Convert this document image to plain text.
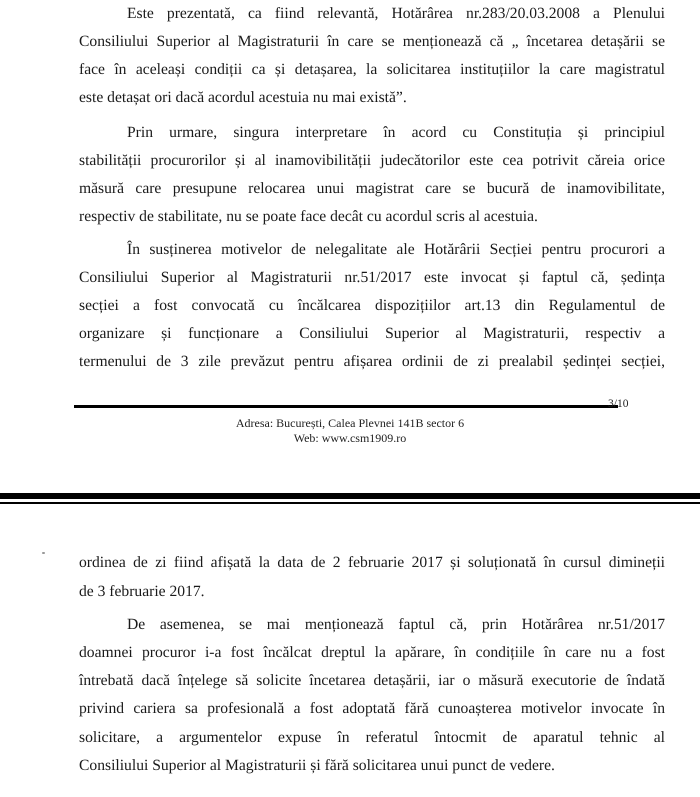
Este prezentată, ca fiind relevantă, Hotărârea nr.283/20.03.2008 a Plenului
Consiliului Superior al Magistraturii în care se menționează că „ încetarea detașării se
face în aceleași condiții ca și detașarea, la solicitarea instituțiilor la care magistratul
este detașat ori dacă acordul acestuia nu mai există”.
Prin urmare, singura interpretare în acord cu Constituția și principiul
stabilității procurorilor și al inamovibilității judecătorilor este cea potrivit căreia orice
măsură care presupune relocarea unui magistrat care se bucură de inamovibilitate,
respectiv de stabilitate, nu se poate face decât cu acordul scris al acestuia.
În susținerea motivelor de nelegalitate ale Hotărârii Secției pentru procurori a
Consiliului Superior al Magistraturii nr.51/2017 este invocat și faptul că, ședința
secției a fost convocată cu încălcarea dispozițiilor art.13 din Regulamentul de
organizare și funcționare a Consiliului Superior al Magistraturii, respectiv a
termenului de 3 zile prevăzut pentru afișarea ordinii de zi prealabil ședinței secției,
3/10
Adresa: București, Calea Plevnei 141B sector 6
Web: www.csm1909.ro
ordinea de zi fiind afișată la data de 2 februarie 2017 și soluționată în cursul dimineții
de 3 februarie 2017.
De asemenea, se mai menționează faptul că, prin Hotărârea nr.51/2017
doamnei procuror i-a fost încălcat dreptul la apărare, în condițiile în care nu a fost
întrebată dacă înțelege să solicite încetarea detașării, iar o măsură executorie de îndată
privind cariera sa profesională a fost adoptată fără cunoașterea motivelor invocate în
solicitare, a argumentelor expuse în referatul întocmit de aparatul tehnic al
Consiliului Superior al Magistraturii și fără solicitarea unui punct de vedere.
